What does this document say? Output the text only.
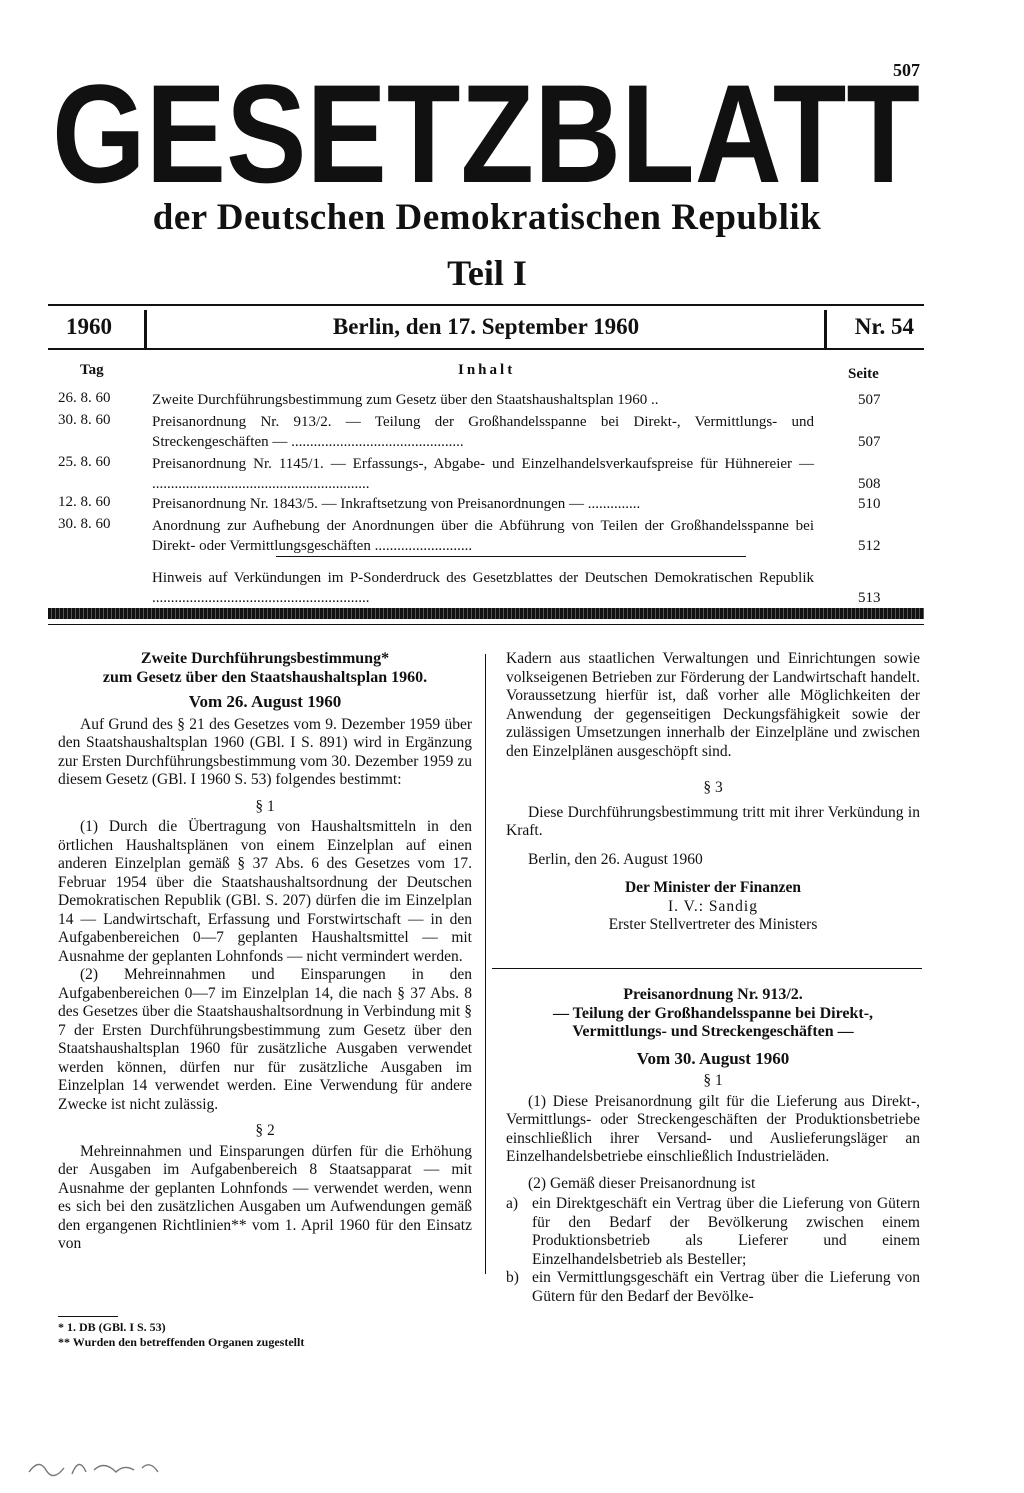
507
GESETZBLATT
der Deutschen Demokratischen Republik
Teil I
1960	Berlin, den 17. September 1960	Nr. 54
Tag	Inhalt	Seite
26. 8. 60	Zweite Durchführungsbestimmung zum Gesetz über den Staatshaushaltsplan 1960 ..	507
30. 8. 60	Preisanordnung Nr. 913/2. — Teilung der Großhandelsspanne bei Direkt-, Vermittlungs- und Streckengeschäften — ..............................................	507
25. 8. 60	Preisanordnung Nr. 1145/1. — Erfassungs-, Abgabe- und Einzelhandelsverkaufspreise für Hühnereier — ..........................................................	508
12. 8. 60	Preisanordnung Nr. 1843/5. — Inkraftsetzung von Preisanordnungen — ..............	510
30. 8. 60	Anordnung zur Aufhebung der Anordnungen über die Abführung von Teilen der Großhandelsspanne bei Direkt- oder Vermittlungsgeschäften ..........................	512
Hinweis auf Verkündungen im P-Sonderdruck des Gesetzblattes der Deutschen Demokratischen Republik ..........................................................	513
Zweite Durchführungsbestimmung*
zum Gesetz über den Staatshaushaltsplan 1960.
Vom 26. August 1960

Auf Grund des § 21 des Gesetzes vom 9. Dezember 1959 über den Staatshaushaltsplan 1960 (GBl. I S. 891) wird in Ergänzung zur Ersten Durchführungsbestimmung vom 30. Dezember 1959 zu diesem Gesetz (GBl. I 1960 S. 53) folgendes bestimmt:

§ 1

(1) Durch die Übertragung von Haushaltsmitteln in den örtlichen Haushaltsplänen von einem Einzelplan auf einen anderen Einzelplan gemäß § 37 Abs. 6 des Gesetzes vom 17. Februar 1954 über die Staatshaushaltsordnung der Deutschen Demokratischen Republik (GBl. S. 207) dürfen die im Einzelplan 14 — Landwirtschaft, Erfassung und Forstwirtschaft — in den Aufgabenbereichen 0—7 geplanten Haushaltsmittel — mit Ausnahme der geplanten Lohnfonds — nicht vermindert werden.

(2) Mehreinnahmen und Einsparungen in den Aufgabenbereichen 0—7 im Einzelplan 14, die nach § 37 Abs. 8 des Gesetzes über die Staatshaushaltsordnung in Verbindung mit § 7 der Ersten Durchführungsbestimmung zum Gesetz über den Staatshaushaltsplan 1960 für zusätzliche Ausgaben verwendet werden können, dürfen nur für zusätzliche Ausgaben im Einzelplan 14 verwendet werden. Eine Verwendung für andere Zwecke ist nicht zulässig.

§ 2

Mehreinnahmen und Einsparungen dürfen für die Erhöhung der Ausgaben im Aufgabenbereich 8 Staatsapparat — mit Ausnahme der geplanten Lohnfonds — verwendet werden, wenn es sich bei den zusätzlichen Ausgaben um Aufwendungen gemäß den ergangenen Richtlinien** vom 1. April 1960 für den Einsatz von

* 1. DB (GBl. I S. 53)
** Wurden den betreffenden Organen zugestellt

Kadern aus staatlichen Verwaltungen und Einrichtungen sowie volkseigenen Betrieben zur Förderung der Landwirtschaft handelt. Voraussetzung hierfür ist, daß vorher alle Möglichkeiten der Anwendung der gegenseitigen Deckungsfähigkeit sowie der zulässigen Umsetzungen innerhalb der Einzelpläne und zwischen den Einzelplänen ausgeschöpft sind.

§ 3

Diese Durchführungsbestimmung tritt mit ihrer Verkündung in Kraft.

Berlin, den 26. August 1960

Der Minister der Finanzen
I. V.: Sandig
Erster Stellvertreter des Ministers
Preisanordnung Nr. 913/2.
— Teilung der Großhandelsspanne bei Direkt-,
Vermittlungs- und Streckengeschäften —
Vom 30. August 1960
§ 1

(1) Diese Preisanordnung gilt für die Lieferung aus Direkt-, Vermittlungs- oder Streckengeschäften der Produktionsbetriebe einschließlich ihrer Versand- und Auslieferungsläger an Einzelhandelsbetriebe einschließlich Industrieläden.

(2) Gemäß dieser Preisanordnung ist

a) ein Direktgeschäft ein Vertrag über die Lieferung von Gütern für den Bedarf der Bevölkerung zwischen einem Produktionsbetrieb als Lieferer und einem Einzelhandelsbetrieb als Besteller;
b) ein Vermittlungsgeschäft ein Vertrag über die Lieferung von Gütern für den Bedarf der Bevölke-
